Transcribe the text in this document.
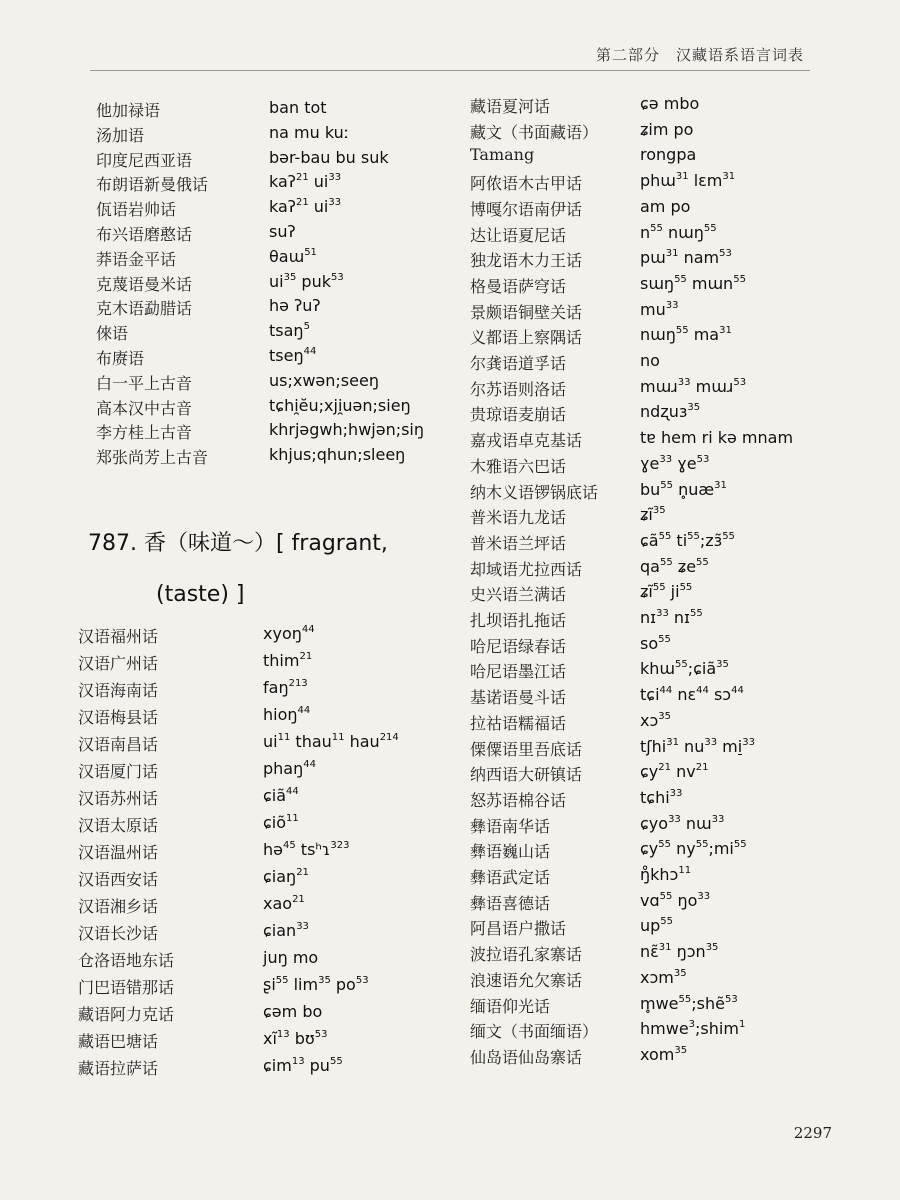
第二部分　汉藏语系语言词表
他加禄语	ban tot
汤加语	na mu kuː
印度尼西亚语	bər-bau bu suk
布朗语新曼俄话	kaʔ$^{21}$ $ui^{33}$
佤语岩帅话	kaʔ$^{21}$ $ui^{33}$
布兴语磨憨话	suʔ
莽语金平话	θaɯ$^{51}$
克蔑语曼米话	$ui^{35}$ puk$^{53}$
克木语勐腊话	hə ʔuʔ
倈语	tsaŋ$^5$
布赓语	tseŋ$^{44}$
白一平上古音	us;xwən;seeŋ
高本汉中古音	tɕhi̯ĕu;xji̯uən;sieŋ
李方桂上古音	khrjəgwh;hwjən;siŋ
郑张尚芳上古音	khjus;qhun;sleeŋ
787. 香（味道～）[ fragrant,
(taste) ]
汉语福州话	xyoŋ$^{44}$
汉语广州话	thim$^{21}$
汉语海南话	faŋ$^{213}$
汉语梅县话	hioŋ$^{44}$
汉语南昌话	$ui^{11}$ thau$^{11}$ hau$^{214}$
汉语厦门话	phaŋ$^{44}$
汉语苏州话	ɕiã$^{44}$
汉语太原话	ɕiõ$^{11}$
汉语温州话	hə$^{45}$ tsʰɿ$^{323}$
汉语西安话	ɕiaŋ$^{21}$
汉语湘乡话	xao$^{21}$
汉语长沙话	ɕian$^{33}$
仓洛语地东话	juŋ mo
门巴语错那话	ʂi$^{55}$ $\lim^{35} po^{53}$
藏语阿力克话	ɕəm bo
藏语巴塘话	$xĩ^{13}$ bʊ$^{53}$
藏语拉萨话	ɕim$^{13}$ $pu^{55}$
藏语夏河话	ɕə mbo
藏文（书面藏语）	ʑim po
Tamang	rongpa
阿侬语木古甲话	phɯ$^{31}$ lɛm$^{31}$
博嘎尔语南伊话	am po
达让语夏尼话	$n^{55}$ nɯŋ$^{55}$
独龙语木力王话	pɯ$^{31}$ nam$^{53}$
格曼语萨穹话	sɯŋ$^{55}$ mɯn$^{55}$
景颇语铜壁关话	$mu^{33}$
义都语上察隅话	nɯŋ$^{55}$ $ma^{31}$
尔龚语道孚话	no
尔苏语则洛话	mɯɹ$^{33}$ mɯɹ$^{53}$
贵琼语麦崩话	ndʐuɜ$^{35}$
嘉戎语卓克基话	tɐ hem ri kə mnam
木雅语六巴话	ɣe$^{33}$ ɣe$^{53}$
纳木义语锣锅底话	$bu^{55}$ $n̥uæ^{31}$
普米语九龙话	ʑĩ$^{35}$
普米语兰坪话	ɕã$^{55}$ $ti^{55};zɜ̃^{55}$
却域语尤拉西话	$qa^{55}$ ʑe$^{55}$
史兴语兰满话	ʑĩ$^{55}$ $ji^{55}$
扎坝语扎拖话	nɪ$^{33}$ nɪ$^{55}$
哈尼语绿春话	$so^{55}$
哈尼语墨江话	khɯ$^{55}$;ɕiã$^{35}$
基诺语曼斗话	tɕi$^{44}$ nɛ$^{44}$ sɔ$^{44}$
拉祜语糯福话	xɔ$^{35}$
傈僳语里吾底话	tʃhi$^{31}$ $nu^{33}$ mi̠$^{33}$
纳西语大研镇话	ɕy$^{21}$ $nv^{21}$
怒苏语棉谷话	tɕhi$^{33}$
彝语南华话	ɕyo$^{33}$ nɯ$^{33}$
彝语巍山话	ɕy$^{55}$ $ny^{55};mi^{55}$
彝语武定话	ŋ̊khɔ$^{11}$
彝语喜德话	vɑ$^{55}$ $ŋo^{33}$
阿昌语户撒话	$up^{55}$
波拉语孔家寨话	nɛ̃$^{31}$ ŋɔn$^{35}$
浪速语允欠寨话	xɔm$^{35}$
缅语仰光话	$m̥we^{55};shẽ^{53}$
缅文（书面缅语）	hmwe$^3$;shim$^1$
仙岛语仙岛寨话	xom$^{35}$
2297
